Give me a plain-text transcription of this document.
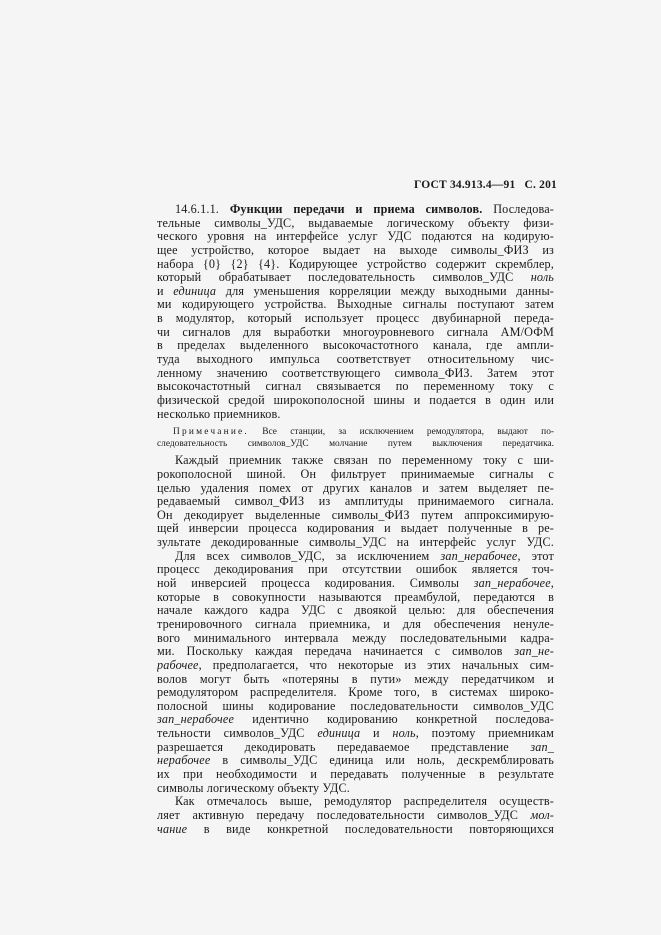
ГОСТ 34.913.4—91 С. 201
14.6.1.1. Функции передачи и приема символов. Последова-
тельные символы_УДС, выдаваемые логическому объекту физи-
ческого уровня на интерфейсе услуг УДС подаются на кодирую-
щее устройство, которое выдает на выходе символы_ФИЗ из
набора {0} {2} {4}. Кодирующее устройство содержит скремблер,
который обрабатывает последовательность символов_УДС ноль
и единица для уменьшения корреляции между выходными данны-
ми кодирующего устройства. Выходные сигналы поступают затем
в модулятор, который использует процесс двубинарной переда-
чи сигналов для выработки многоуровневого сигнала АМ/ОФМ
в пределах выделенного высокочастотного канала, где ампли-
туда выходного импульса соответствует относительному чис-
ленному значению соответствующего символа_ФИЗ. Затем этот
высокочастотный сигнал связывается по переменному току с
физической средой широкополосной шины и подается в один или
несколько приемников.
Примечание. Все станции, за исключением ремодулятора, выдают по-
следовательность символов_УДС молчание путем выключения передатчика.
Каждый приемник также связан по переменному току с ши-
рокополосной шиной. Он фильтрует принимаемые сигналы с
целью удаления помех от других каналов и затем выделяет пе-
редаваемый символ_ФИЗ из амплитуды принимаемого сигнала.
Он декодирует выделенные символы_ФИЗ путем аппроксимирую-
щей инверсии процесса кодирования и выдает полученные в ре-
зультате декодированные символы_УДС на интерфейс услуг УДС.
Для всех символов_УДС, за исключением зап_нерабочее, этот
процесс декодирования при отсутствии ошибок является точ-
ной инверсией процесса кодирования. Символы зап_нерабочее,
которые в совокупности называются преамбулой, передаются в
начале каждого кадра УДС с двоякой целью: для обеспечения
тренировочного сигнала приемника, и для обеспечения ненуле-
вого минимального интервала между последовательными кадра-
ми. Поскольку каждая передача начинается с символов зап_не-
рабочее, предполагается, что некоторые из этих начальных сим-
волов могут быть «потеряны в пути» между передатчиком и
ремодулятором распределителя. Кроме того, в системах широко-
полосной шины кодирование последовательности символов_УДС
зап_нерабочее идентично кодированию конкретной последова-
тельности символов_УДС единица и ноль, поэтому приемникам
разрешается декодировать передаваемое представление зап_
нерабочее в символы_УДС единица или ноль, дескремблировать
их при необходимости и передавать полученные в результате
символы логическому объекту УДС.
Как отмечалось выше, ремодулятор распределителя осуществ-
ляет активную передачу последовательности символов_УДС мол-
чание в виде конкретной последовательности повторяющихся
